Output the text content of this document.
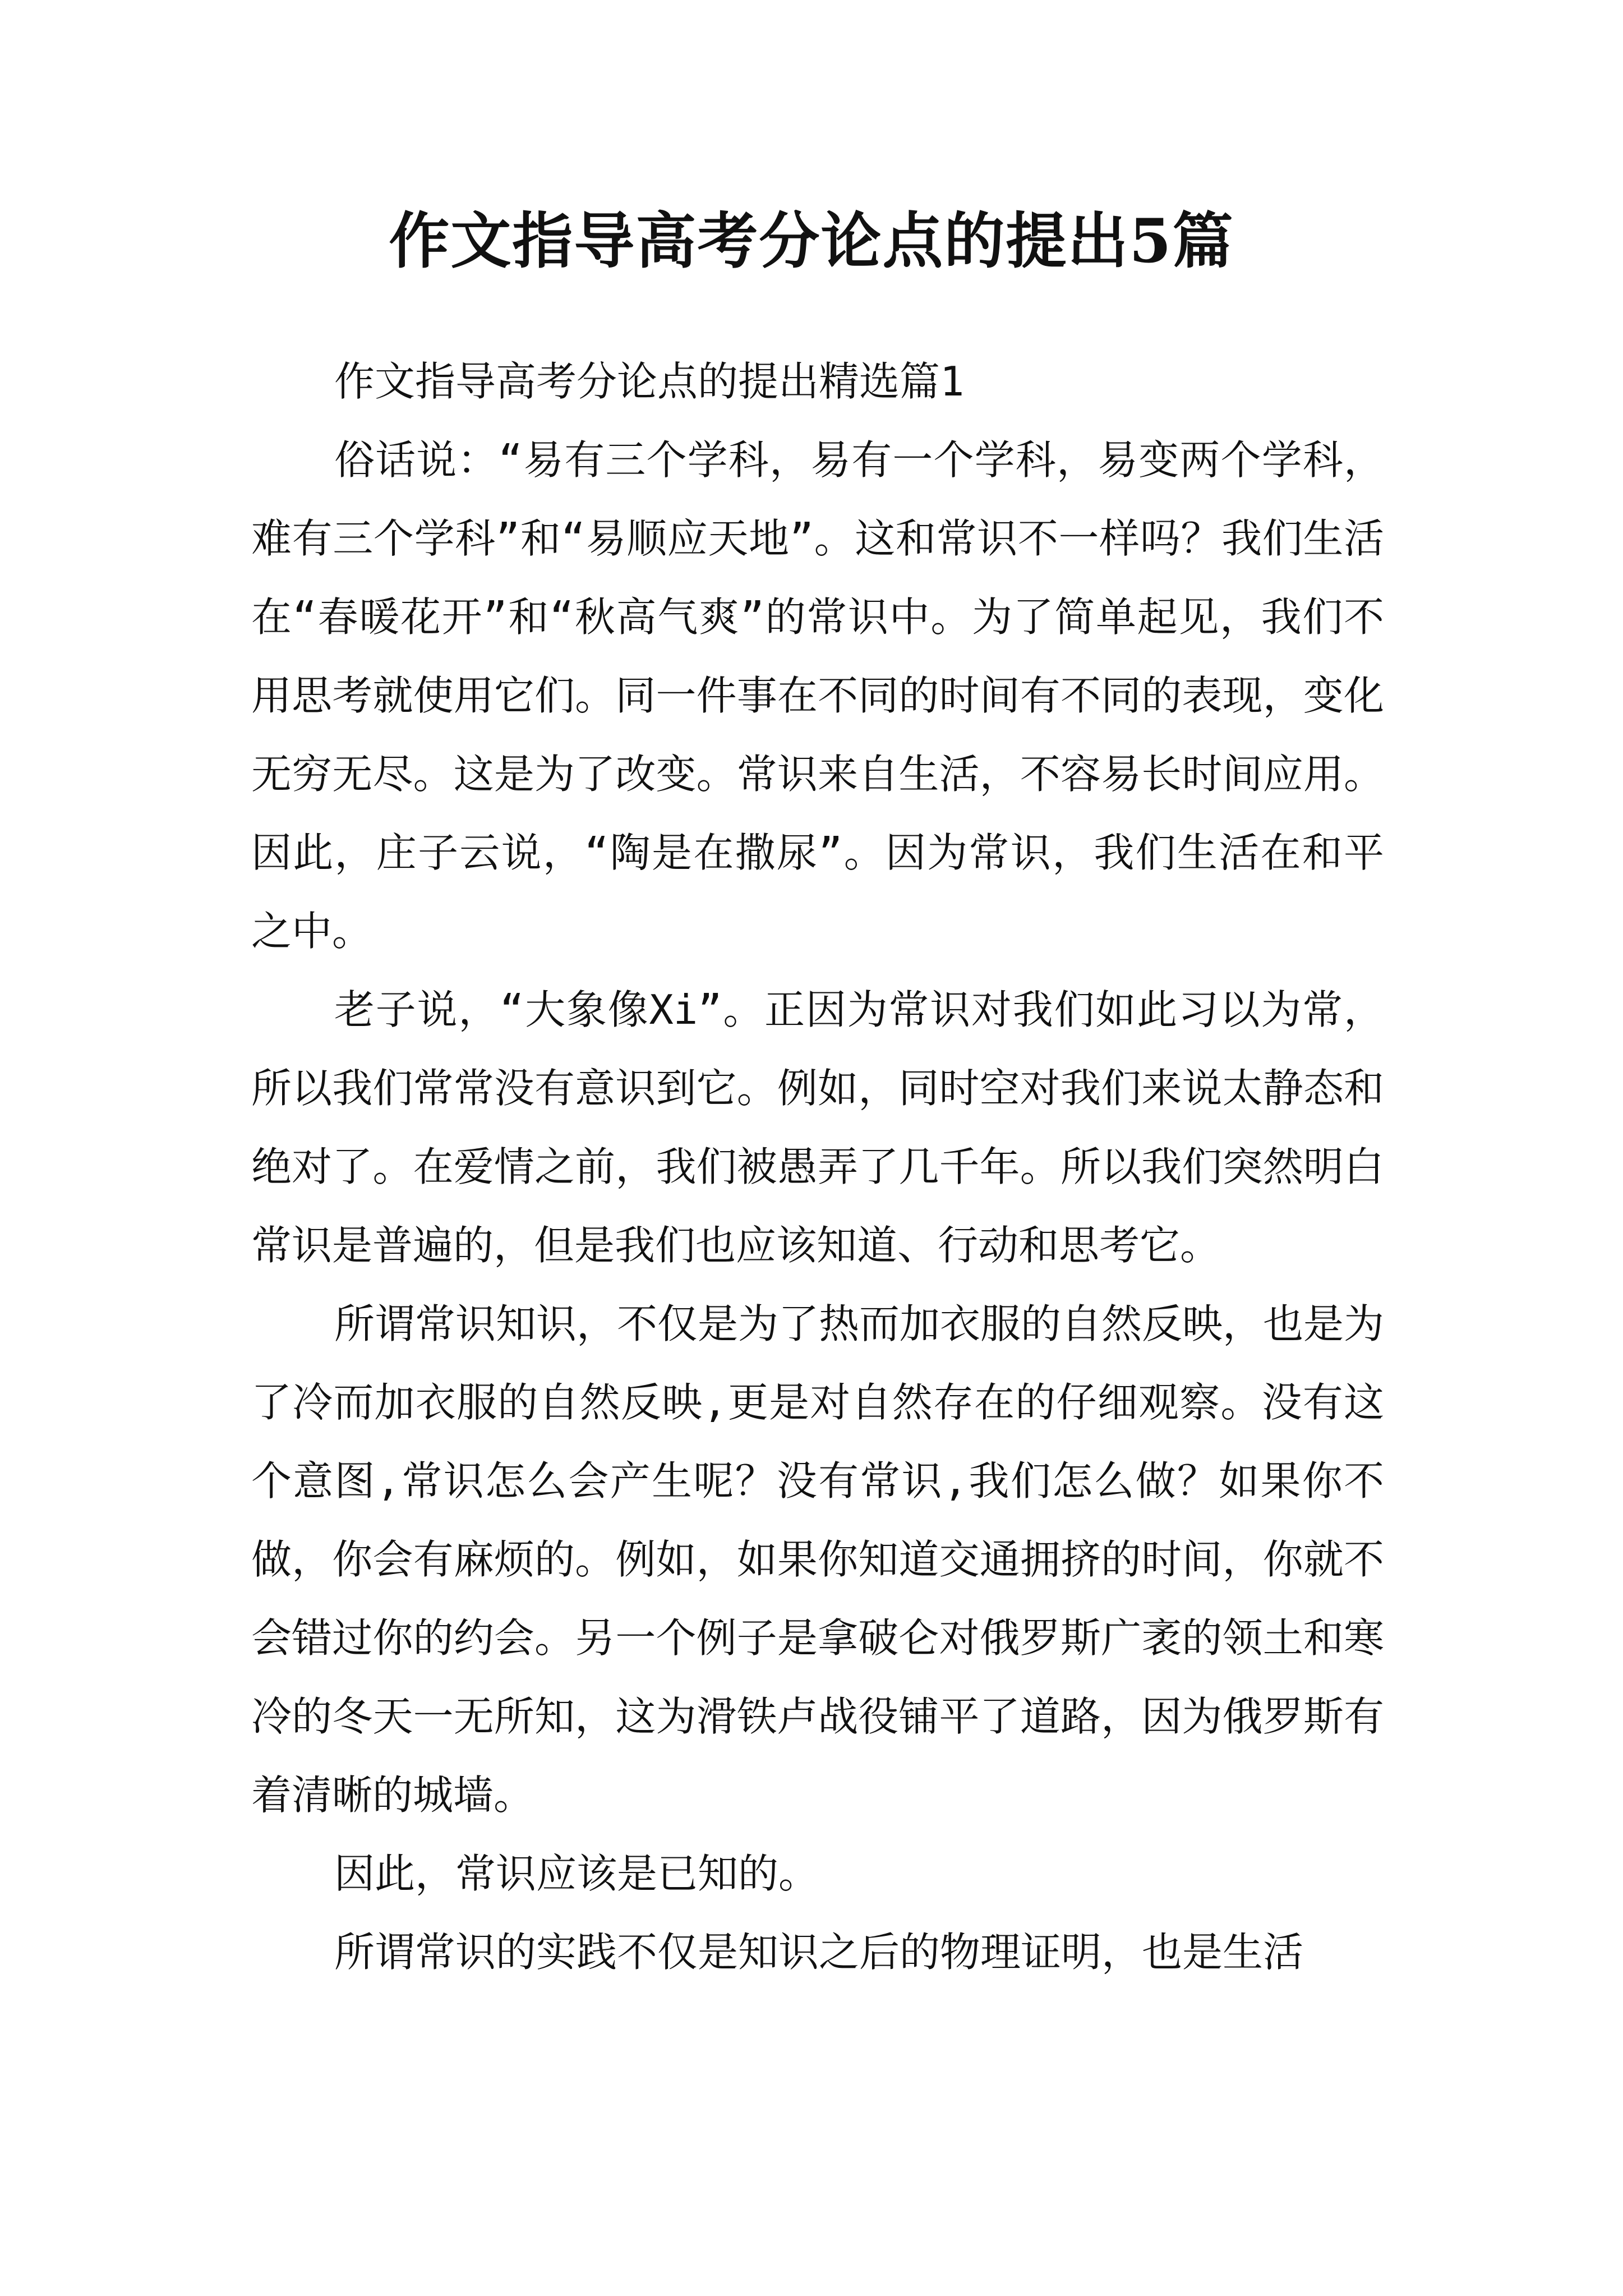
作文指导高考分论点的提出5篇

作文指导高考分论点的提出精选篇1

俗话说：“易有三个学科，易有一个学科，易变两个学科，难有三个学科”和“易顺应天地”。这和常识不一样吗？我们生活在“春暖花开”和“秋高气爽”的常识中。为了简单起见，我们不用思考就使用它们。同一件事在不同的时间有不同的表现，变化无穷无尽。这是为了改变。常识来自生活，不容易长时间应用。因此，庄子云说，“陶是在撒尿”。因为常识，我们生活在和平之中。

老子说，“大象像Xi”。正因为常识对我们如此习以为常，所以我们常常没有意识到它。例如，同时空对我们来说太静态和绝对了。在爱情之前，我们被愚弄了几千年。所以我们突然明白常识是普遍的，但是我们也应该知道、行动和思考它。

所谓常识知识，不仅是为了热而加衣服的自然反映，也是为了冷而加衣服的自然反映,更是对自然存在的仔细观察。没有这个意图,常识怎么会产生呢？没有常识,我们怎么做？如果你不做，你会有麻烦的。例如，如果你知道交通拥挤的时间，你就不会错过你的约会。另一个例子是拿破仑对俄罗斯广袤的领土和寒冷的冬天一无所知，这为滑铁卢战役铺平了道路，因为俄罗斯有着清晰的城墙。

因此，常识应该是已知的。

所谓常识的实践不仅是知识之后的物理证明，也是生活
